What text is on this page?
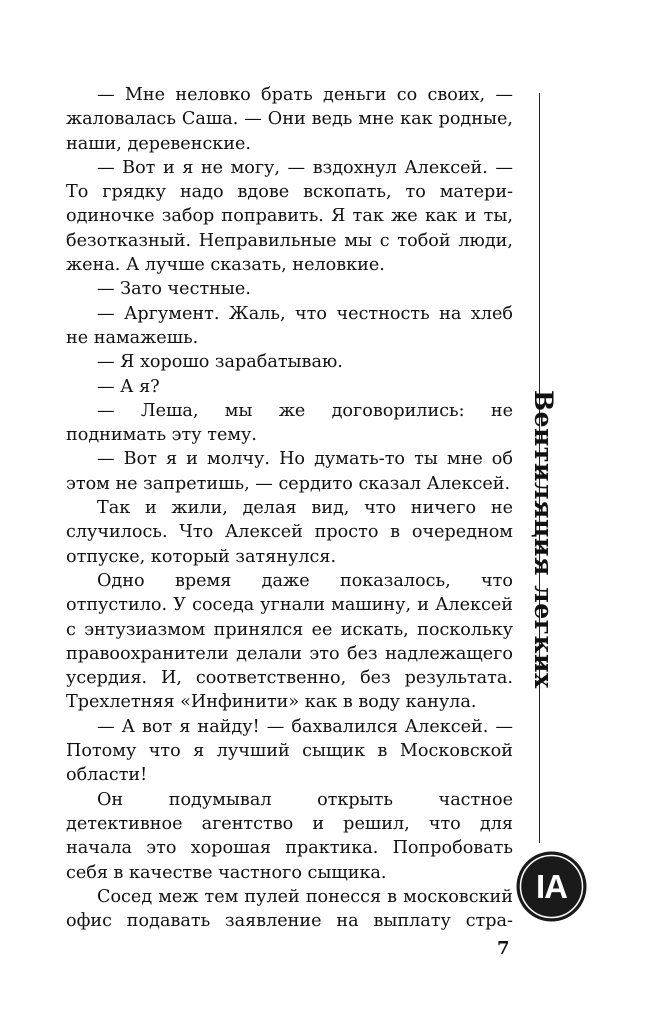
— Мне неловко брать деньги со своих, — жаловалась Саша. — Они ведь мне как родные, наши, деревенские.

— Вот и я не могу, — вздохнул Алексей. — То грядку надо вдове вскопать, то матери-одиночке забор поправить. Я так же как и ты, безотказный. Неправильные мы с тобой люди, жена. А лучше сказать, неловкие.

— Зато честные.

— Аргумент. Жаль, что честность на хлеб не намажешь.

— Я хорошо зарабатываю.

— А я?

— Леша, мы же договорились: не поднимать эту тему.

— Вот я и молчу. Но думать-то ты мне об этом не запретишь, — сердито сказал Алексей.

Так и жили, делая вид, что ничего не случилось. Что Алексей просто в очередном отпуске, который затянулся.

Одно время даже показалось, что отпустило. У соседа угнали машину, и Алексей с энтузиазмом принялся ее искать, поскольку правоохранители делали это без надлежащего усердия. И, соответственно, без результата. Трехлетняя «Инфинити» как в воду канула.

— А вот я найду! — бахвалился Алексей. — Потому что я лучший сыщик в Московской области!

Он подумывал открыть частное детективное агентство и решил, что для начала это хорошая практика. Попробовать себя в качестве частного сыщика.

Сосед меж тем пулей понесся в московский офис подавать заявление на выплату стра-

Вентиляция легких
IA
7
